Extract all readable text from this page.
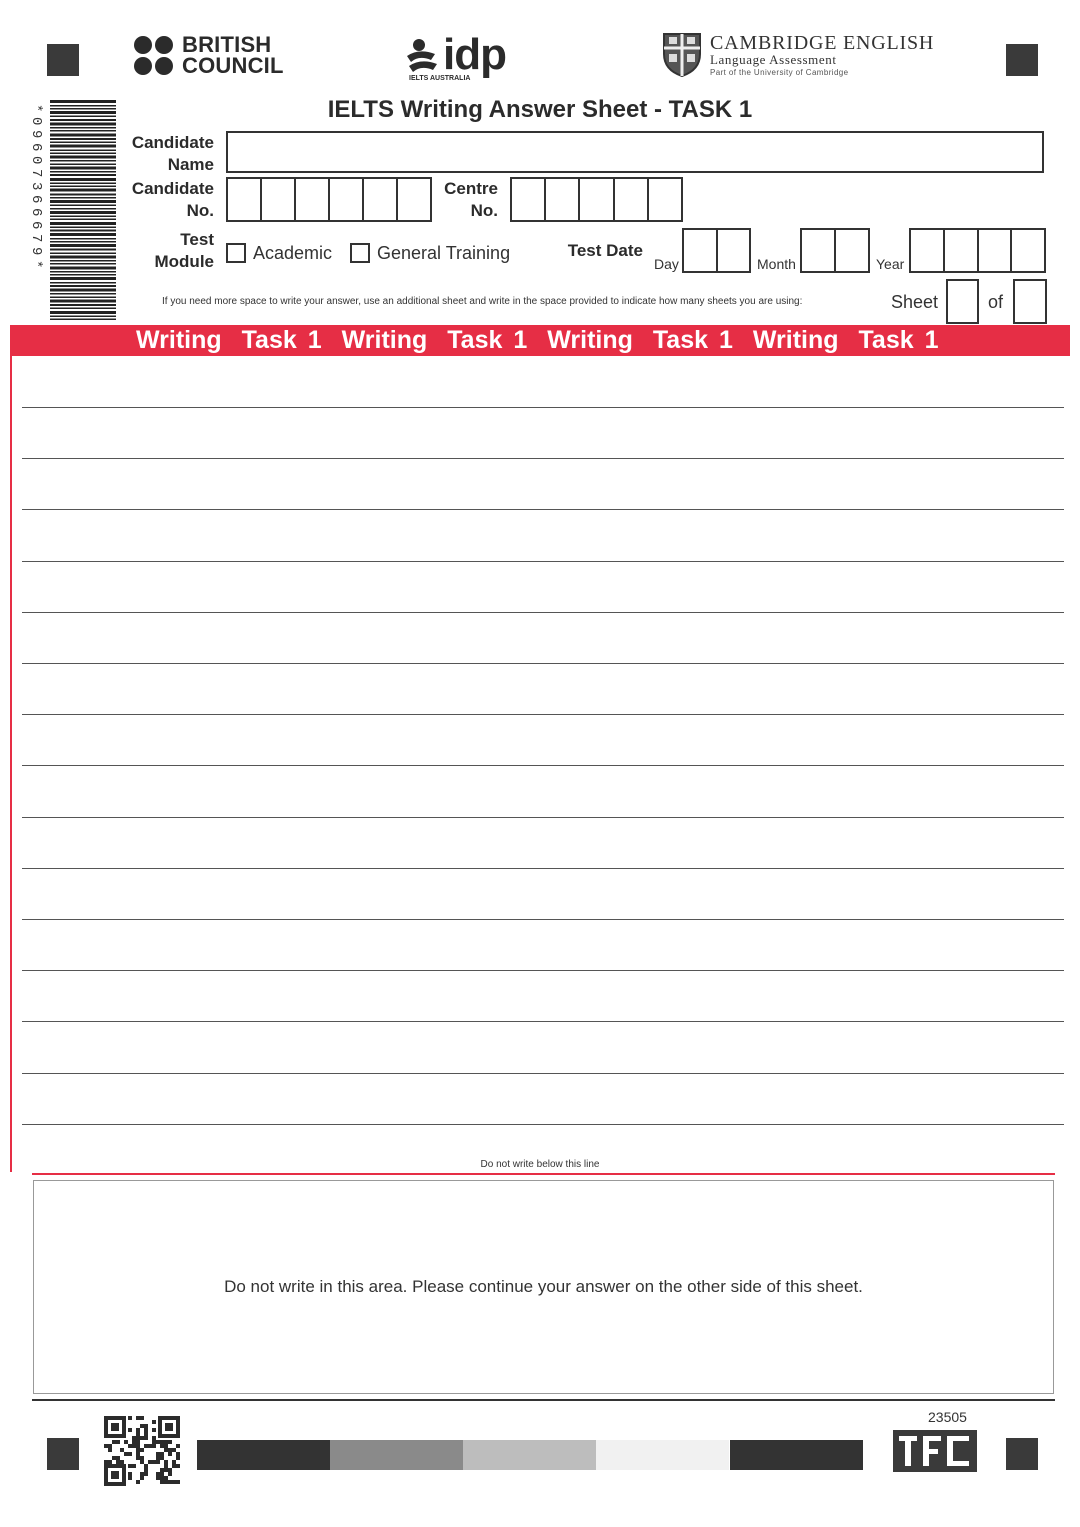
BRITISH
COUNCIL	idp
IELTS AUSTRALIA
CAMBRIDGE ENGLISH
Language Assessment
Part of the University of Cambridge
*09607366679*	IELTS Writing Answer Sheet - TASK 1
Candidate
Name
Candidate
No.
Centre
No.
Test
Module Academic General Training	Test Date
Day	Month	Year
If you need more space to write your answer, use an additional sheet and write in the space provided to indicate how many sheets you are using:	Sheet	of
Writing Task 1 Writing Task 1 Writing Task 1 Writing Task 1
Do not write below this line
Do not write in this area. Please continue your answer on the other side of this sheet.
23505
